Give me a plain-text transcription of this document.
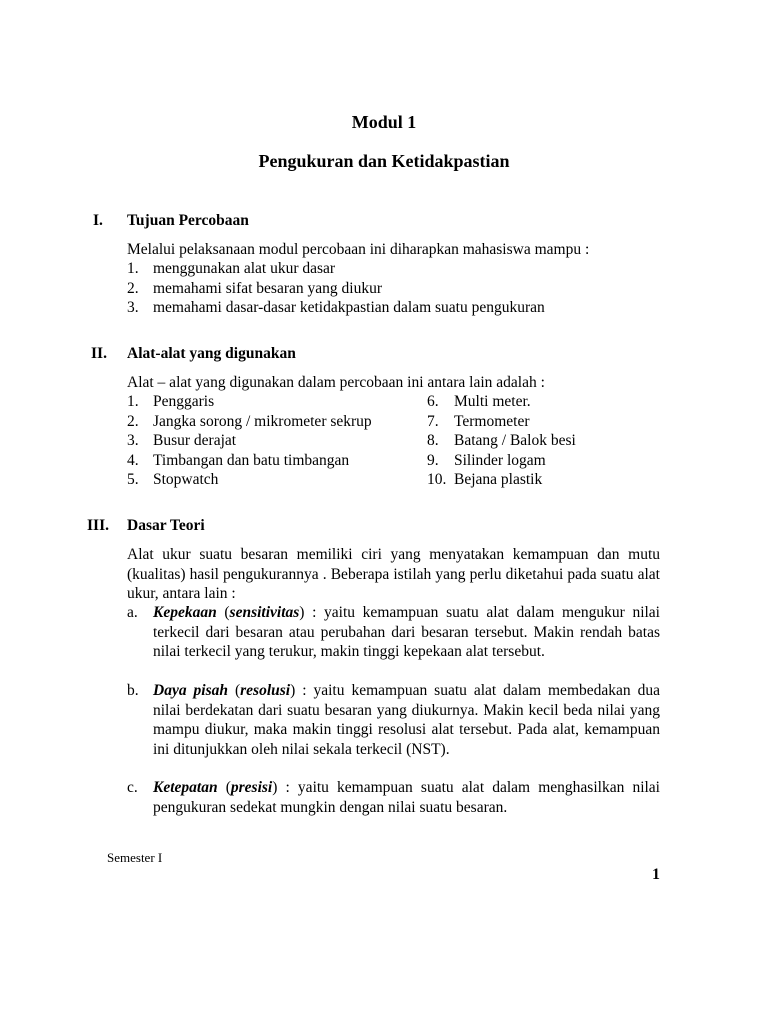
Modul 1
Pengukuran dan Ketidakpastian
I. Tujuan Percobaan
Melalui pelaksanaan modul percobaan ini diharapkan mahasiswa mampu :
1. menggunakan alat ukur dasar
2. memahami sifat besaran yang diukur
3. memahami dasar-dasar ketidakpastian dalam suatu pengukuran
II. Alat-alat yang digunakan
Alat – alat yang digunakan dalam percobaan ini antara lain adalah :
1. Penggaris
2. Jangka sorong / mikrometer sekrup
3. Busur derajat
4. Timbangan dan batu timbangan
5. Stopwatch
6. Multi meter.
7. Termometer
8. Batang / Balok besi
9. Silinder logam
10. Bejana plastik
III. Dasar Teori
Alat ukur suatu besaran memiliki ciri yang menyatakan kemampuan dan mutu (kualitas) hasil pengukurannya . Beberapa istilah yang perlu diketahui pada suatu alat ukur, antara lain :
a. Kepekaan (sensitivitas) : yaitu kemampuan suatu alat dalam mengukur nilai terkecil dari besaran atau perubahan dari besaran tersebut. Makin rendah batas nilai terkecil yang terukur, makin tinggi kepekaan alat tersebut.
b. Daya pisah (resolusi) : yaitu kemampuan suatu alat dalam membedakan dua nilai berdekatan dari suatu besaran yang diukurnya. Makin kecil beda nilai yang mampu diukur, maka makin tinggi resolusi alat tersebut. Pada alat, kemampuan ini ditunjukkan oleh nilai sekala terkecil (NST).
c. Ketepatan (presisi) : yaitu kemampuan suatu alat dalam menghasilkan nilai pengukuran sedekat mungkin dengan nilai suatu besaran.
Semester I
1
